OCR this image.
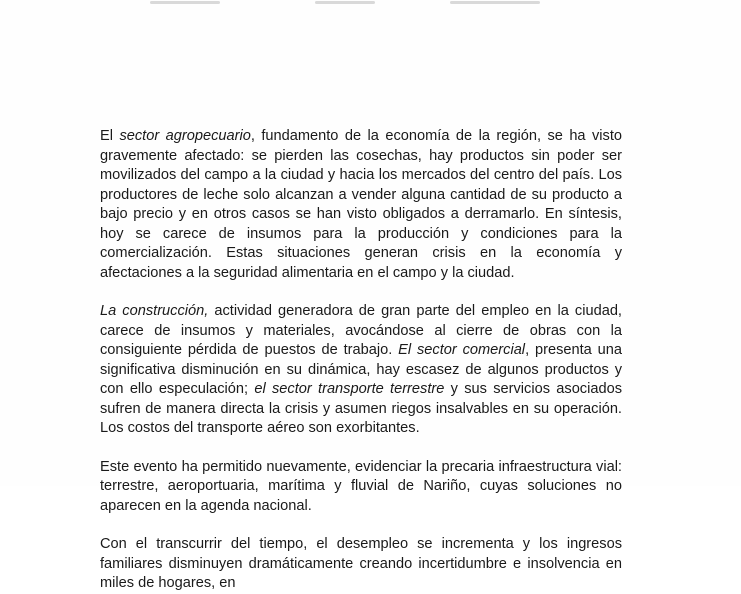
El sector agropecuario, fundamento de la economía de la región, se ha visto gravemente afectado: se pierden las cosechas, hay productos sin poder ser movilizados del campo a la ciudad y hacia los mercados del centro del país. Los productores de leche solo alcanzan a vender alguna cantidad de su producto a bajo precio y en otros casos se han visto obligados a derramarlo. En síntesis, hoy se carece de insumos para la producción y condiciones para la comercialización. Estas situaciones generan crisis en la economía y afectaciones a la seguridad alimentaria en el campo y la ciudad.

La construcción, actividad generadora de gran parte del empleo en la ciudad, carece de insumos y materiales, avocándose al cierre de obras con la consiguiente pérdida de puestos de trabajo. El sector comercial, presenta una significativa disminución en su dinámica, hay escasez de algunos productos y con ello especulación; el sector transporte terrestre y sus servicios asociados sufren de manera directa la crisis y asumen riegos insalvables en su operación. Los costos del transporte aéreo son exorbitantes.

Este evento ha permitido nuevamente, evidenciar la precaria infraestructura vial: terrestre, aeroportuaria, marítima y fluvial de Nariño, cuyas soluciones no aparecen en la agenda nacional.

Con el transcurrir del tiempo, el desempleo se incrementa y los ingresos familiares disminuyen dramáticamente creando incertidumbre e insolvencia en miles de hogares, en
